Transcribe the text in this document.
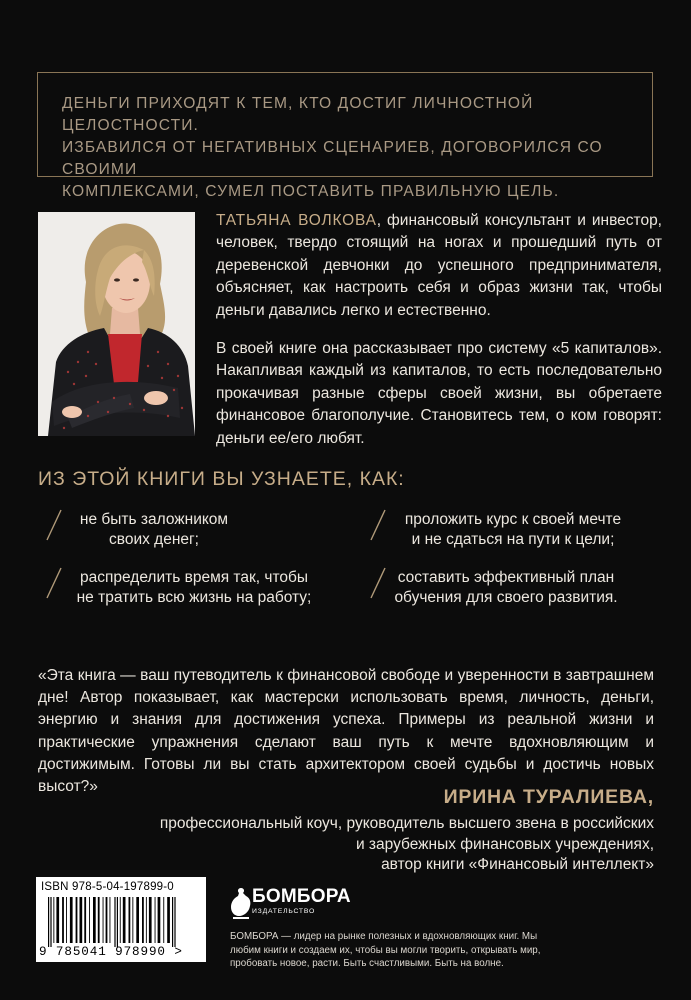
ДЕНЬГИ ПРИХОДЯТ К ТЕМ, КТО ДОСТИГ ЛИЧНОСТНОЙ ЦЕЛОСТНОСТИ.
ИЗБАВИЛСЯ ОТ НЕГАТИВНЫХ СЦЕНАРИЕВ, ДОГОВОРИЛСЯ СО СВОИМИ
КОМПЛЕКСАМИ, СУМЕЛ ПОСТАВИТЬ ПРАВИЛЬНУЮ ЦЕЛЬ.

ТАТЬЯНА ВОЛКОВА, финансовый консультант и инвестор, человек, твердо стоящий на ногах и прошедший путь от деревенской девчонки до успешного предпринимателя, объясняет, как настроить себя и образ жизни так, чтобы деньги давались легко и естественно.

В своей книге она рассказывает про систему «5 капиталов». Накапливая каждый из капиталов, то есть последовательно прокачивая разные сферы своей жизни, вы обретаете финансовое благополучие. Становитесь тем, о ком говорят: деньги ее/его любят.

ИЗ ЭТОЙ КНИГИ ВЫ УЗНАЕТЕ, КАК:
не быть заложником
своих денег;
проложить курс к своей мечте
и не сдаться на пути к цели;
распределить время так, чтобы
не тратить всю жизнь на работу;
составить эффективный план
обучения для своего развития.
«Эта книга — ваш путеводитель к финансовой свободе и уверенности в завтрашнем дне! Автор показывает, как мастерски использовать время, личность, деньги, энергию и знания для достижения успеха. Примеры из реальной жизни и практические упражнения сделают ваш путь к мечте вдохновляющим и достижимым. Готовы ли вы стать архитектором своей судьбы и достичь новых высот?»	ИРИНА ТУРАЛИЕВА,
профессиональный коуч, руководитель высшего звена в российских
и зарубежных финансовых учреждениях,
автор книги «Финансовый интеллект»
ISBN 978-5-04-197899-0
9 785041 978990 >
БОМБОРА
ИЗДАТЕЛЬСТВО
БОМБОРА — лидер на рынке полезных и вдохновляющих книг. Мы любим книги и создаем их, чтобы вы могли творить, открывать мир, пробовать новое, расти. Быть счастливыми. Быть на волне.
